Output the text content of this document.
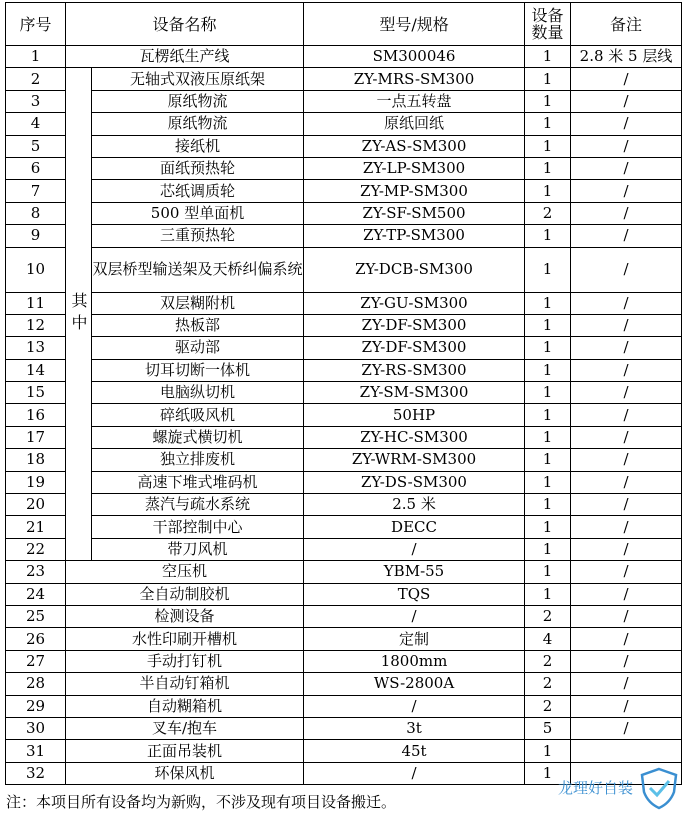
序号	设备名称		型号/规格	设备数量	备注
1	瓦楞纸生产线		SM300046	1	2.8 米 5 层线
2	其中	无轴式双液压原纸架	ZY-MRS-SM300	1	/
3		原纸物流	一点五转盘	1	/
4		原纸物流	原纸回纸	1	/
5		接纸机	ZY-AS-SM300	1	/
6		面纸预热轮	ZY-LP-SM300	1	/
7		芯纸调质轮	ZY-MP-SM300	1	/
8		500 型单面机	ZY-SF-SM500	2	/
9		三重预热轮	ZY-TP-SM300	1	/
10		双层桥型输送架及天桥纠偏系统	ZY-DCB-SM300	1	/
11		双层糊附机	ZY-GU-SM300	1	/
12		热板部	ZY-DF-SM300	1	/
13		驱动部	ZY-DF-SM300	1	/
14		切耳切断一体机	ZY-RS-SM300	1	/
15		电脑纵切机	ZY-SM-SM300	1	/
16		碎纸吸风机	50HP	1	/
17		螺旋式横切机	ZY-HC-SM300	1	/
18		独立排废机	ZY-WRM-SM300	1	/
19		高速下堆式堆码机	ZY-DS-SM300	1	/
20		蒸汽与疏水系统	2.5 米	1	/
21		干部控制中心	DECC	1	/
22		带刀风机	/	1	/
23	空压机		YBM-55	1	/
24	全自动制胶机		TQS	1	/
25	检测设备		/	2	/
26	水性印刷开槽机		定制	4	/
27	手动打钉机		1800mm	2	/
28	半自动钉箱机		WS-2800A	2	/
29	自动糊箱机		/	2	/
30	叉车/抱车		3t	5	/
31	正面吊装机		45t	1	
32	环保风机		/	1	
注：本项目所有设备均为新购，不涉及现有项目设备搬迁。
龙理好自装
